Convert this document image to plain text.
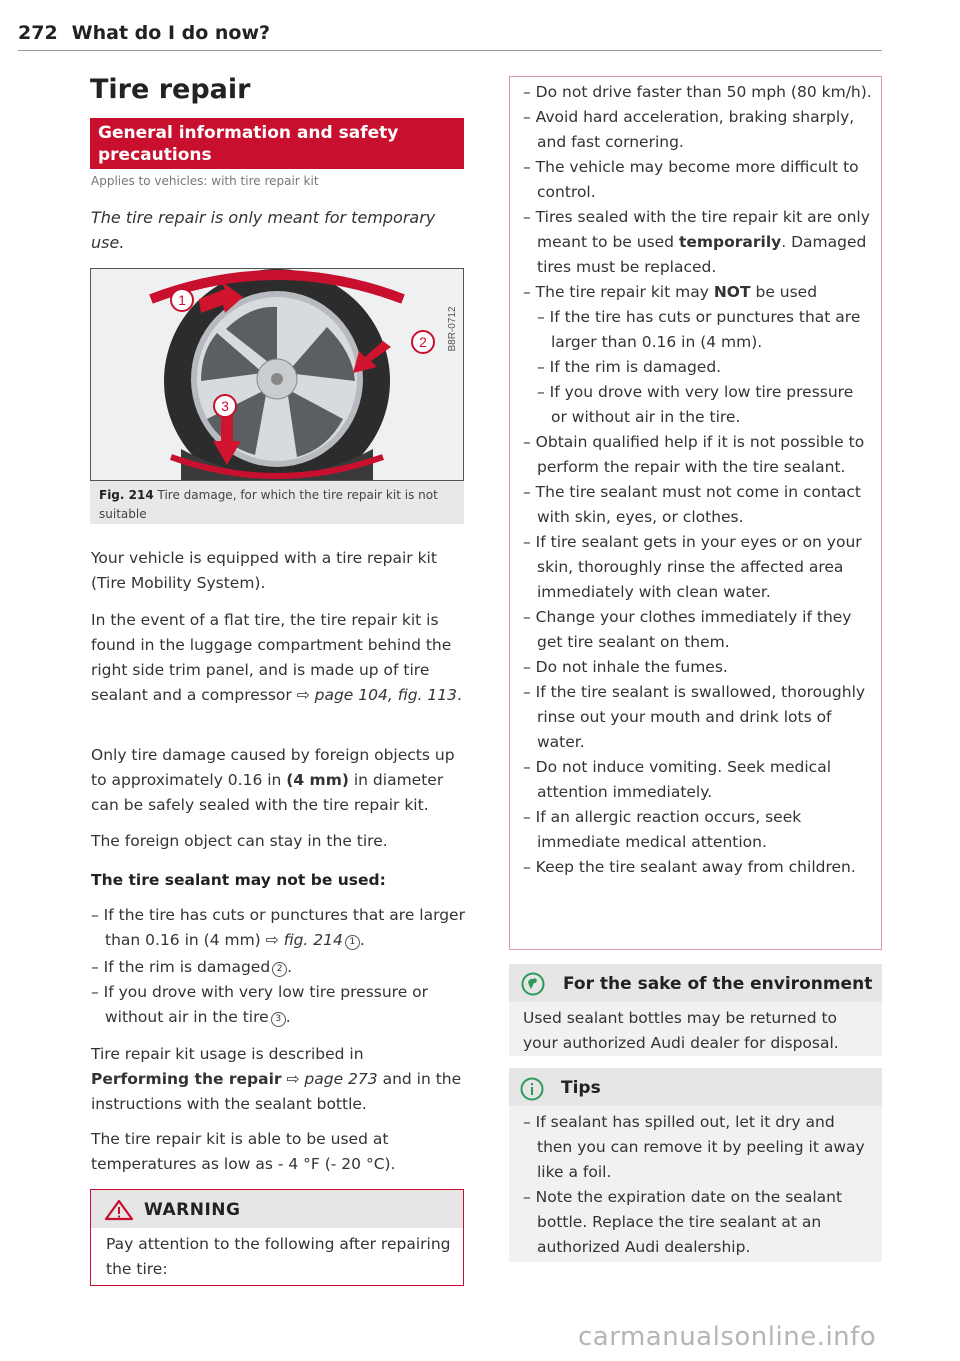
272 What do I do now?
Tire repair
General information and safety precautions
Applies to vehicles: with tire repair kit
The tire repair is only meant for temporary use.
1
2
3
B8R-0712
Fig. 214 Tire damage, for which the tire repair kit is not suitable
Your vehicle is equipped with a tire repair kit (Tire Mobility System).
In the event of a flat tire, the tire repair kit is found in the luggage compartment behind the right side trim panel, and is made up of tire sealant and a compressor ⇨ page 104, fig. 113.
Only tire damage caused by foreign objects up to approximately 0.16 in (4 mm) in diameter can be safely sealed with the tire repair kit.
The foreign object can stay in the tire.
The tire sealant may not be used:
– If the tire has cuts or punctures that are larger than 0.16 in (4 mm) ⇨ fig. 214 1 .
– If the rim is damaged 2 .
– If you drove with very low tire pressure or without air in the tire 3 .
Tire repair kit usage is described in Performing the repair ⇨ page 273 and in the instructions with the sealant bottle.
The tire repair kit is able to be used at temperatures as low as - 4 °F (- 20 °C).
WARNING
Pay attention to the following after repairing the tire:
– Do not drive faster than 50 mph (80 km/h).
– Avoid hard acceleration, braking sharply, and fast cornering.
– The vehicle may become more difficult to control.
– Tires sealed with the tire repair kit are only meant to be used temporarily. Damaged tires must be replaced.
– The tire repair kit may NOT be used
– If the tire has cuts or punctures that are larger than 0.16 in (4 mm).
– If the rim is damaged.
– If you drove with very low tire pressure or without air in the tire.
– Obtain qualified help if it is not possible to perform the repair with the tire sealant.
– The tire sealant must not come in contact with skin, eyes, or clothes.
– If tire sealant gets in your eyes or on your skin, thoroughly rinse the affected area immediately with clean water.
– Change your clothes immediately if they get tire sealant on them.
– Do not inhale the fumes.
– If the tire sealant is swallowed, thoroughly rinse out your mouth and drink lots of water.
– Do not induce vomiting. Seek medical attention immediately.
– If an allergic reaction occurs, seek immediate medical attention.
– Keep the tire sealant away from children.
For the sake of the environment
Used sealant bottles may be returned to your authorized Audi dealer for disposal.
Tips
– If sealant has spilled out, let it dry and then you can remove it by peeling it away like a foil.
– Note the expiration date on the sealant bottle. Replace the tire sealant at an authorized Audi dealership.
carmanualsonline.info
